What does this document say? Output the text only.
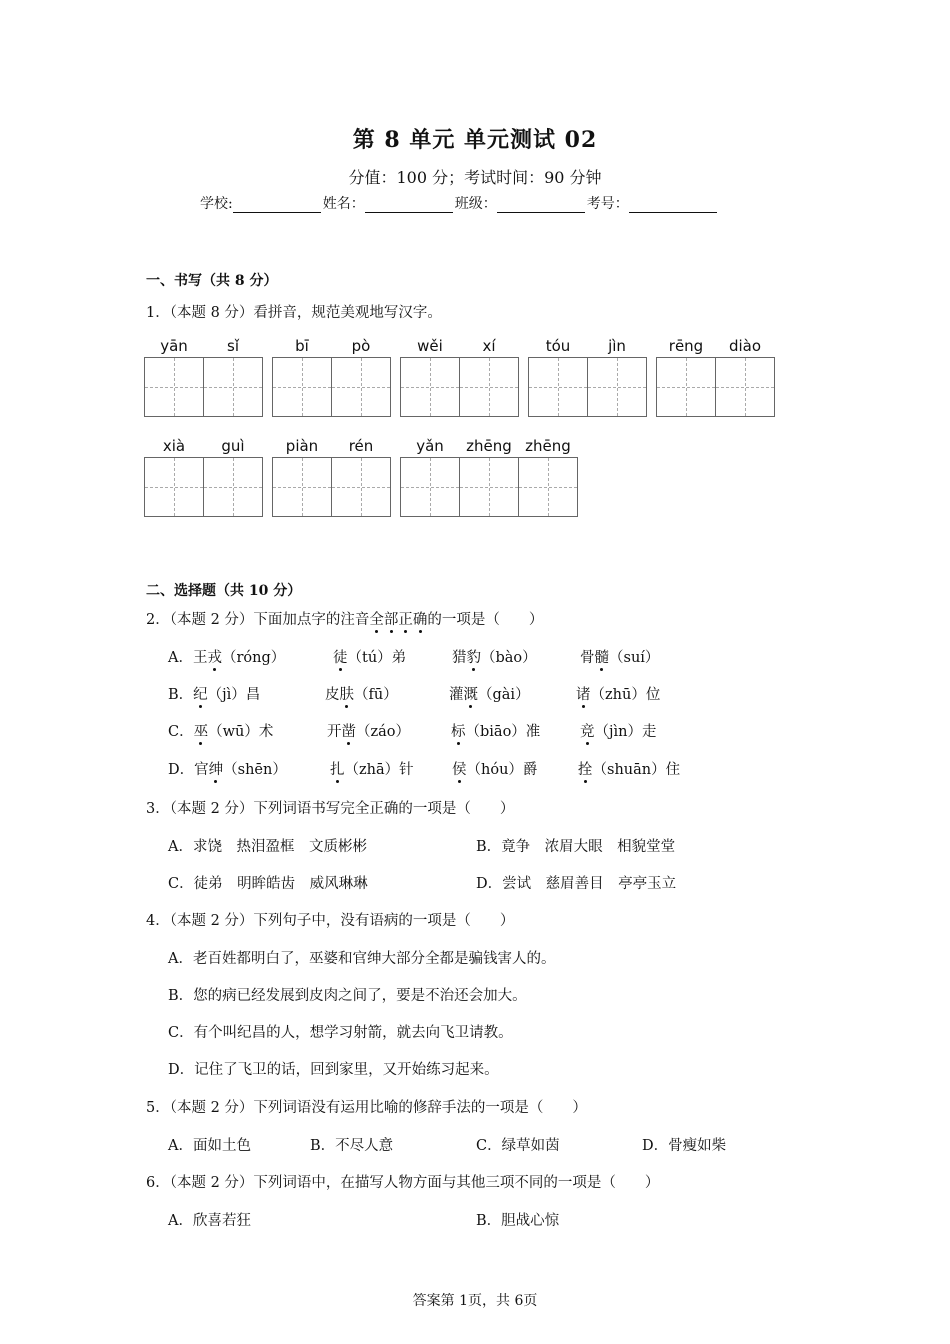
第 8 单元 单元测试 02
分值：100 分；考试时间：90 分钟
学校:	姓名：	班级：	考号：
一、书写（共 8 分）
1．（本题 8 分）看拼音，规范美观地写汉字。
yān	sǐ	bī	pò	wěi	xí	tóu	jìn	rēng	diào
xià	guì	piàn	rén	yǎn	zhēng zhēng
二、选择题（共 10 分）
2．（本题 2 分）下面加点字的注音全部正确的一项是（　　）
A．王戎（róng）	徒（tú）弟	猎豹（bào）	骨髓（suí）
B．纪（jì）昌	皮肤（fū）	灌溉（gài）	诸（zhū）位
C．巫（wū）术	开凿（záo）	标（biāo）准	竞（jìn）走
D．官绅（shēn）	扎（zhā）针	侯（hóu）爵	拴（shuān）住
3．（本题 2 分）下列词语书写完全正确的一项是（　　）
A．求饶　热泪盈框　文质彬彬	B．竟争　浓眉大眼　相貌堂堂
C．徒弟　明眸皓齿　威风琳琳	D．尝试　慈眉善目　亭亭玉立
4．（本题 2 分）下列句子中，没有语病的一项是（　　）
A．老百姓都明白了，巫婆和官绅大部分全都是骗钱害人的。
B．您的病已经发展到皮肉之间了，要是不治还会加大。
C．有个叫纪昌的人，想学习射箭，就去向飞卫请教。
D．记住了飞卫的话，回到家里，又开始练习起来。
5．（本题 2 分）下列词语没有运用比喻的修辞手法的一项是（　　）
A．面如土色	B．不尽人意	C．绿草如茵	D．骨瘦如柴
6．（本题 2 分）下列词语中，在描写人物方面与其他三项不同的一项是（　　）
A．欣喜若狂	B．胆战心惊
答案第 1页，共 6页
